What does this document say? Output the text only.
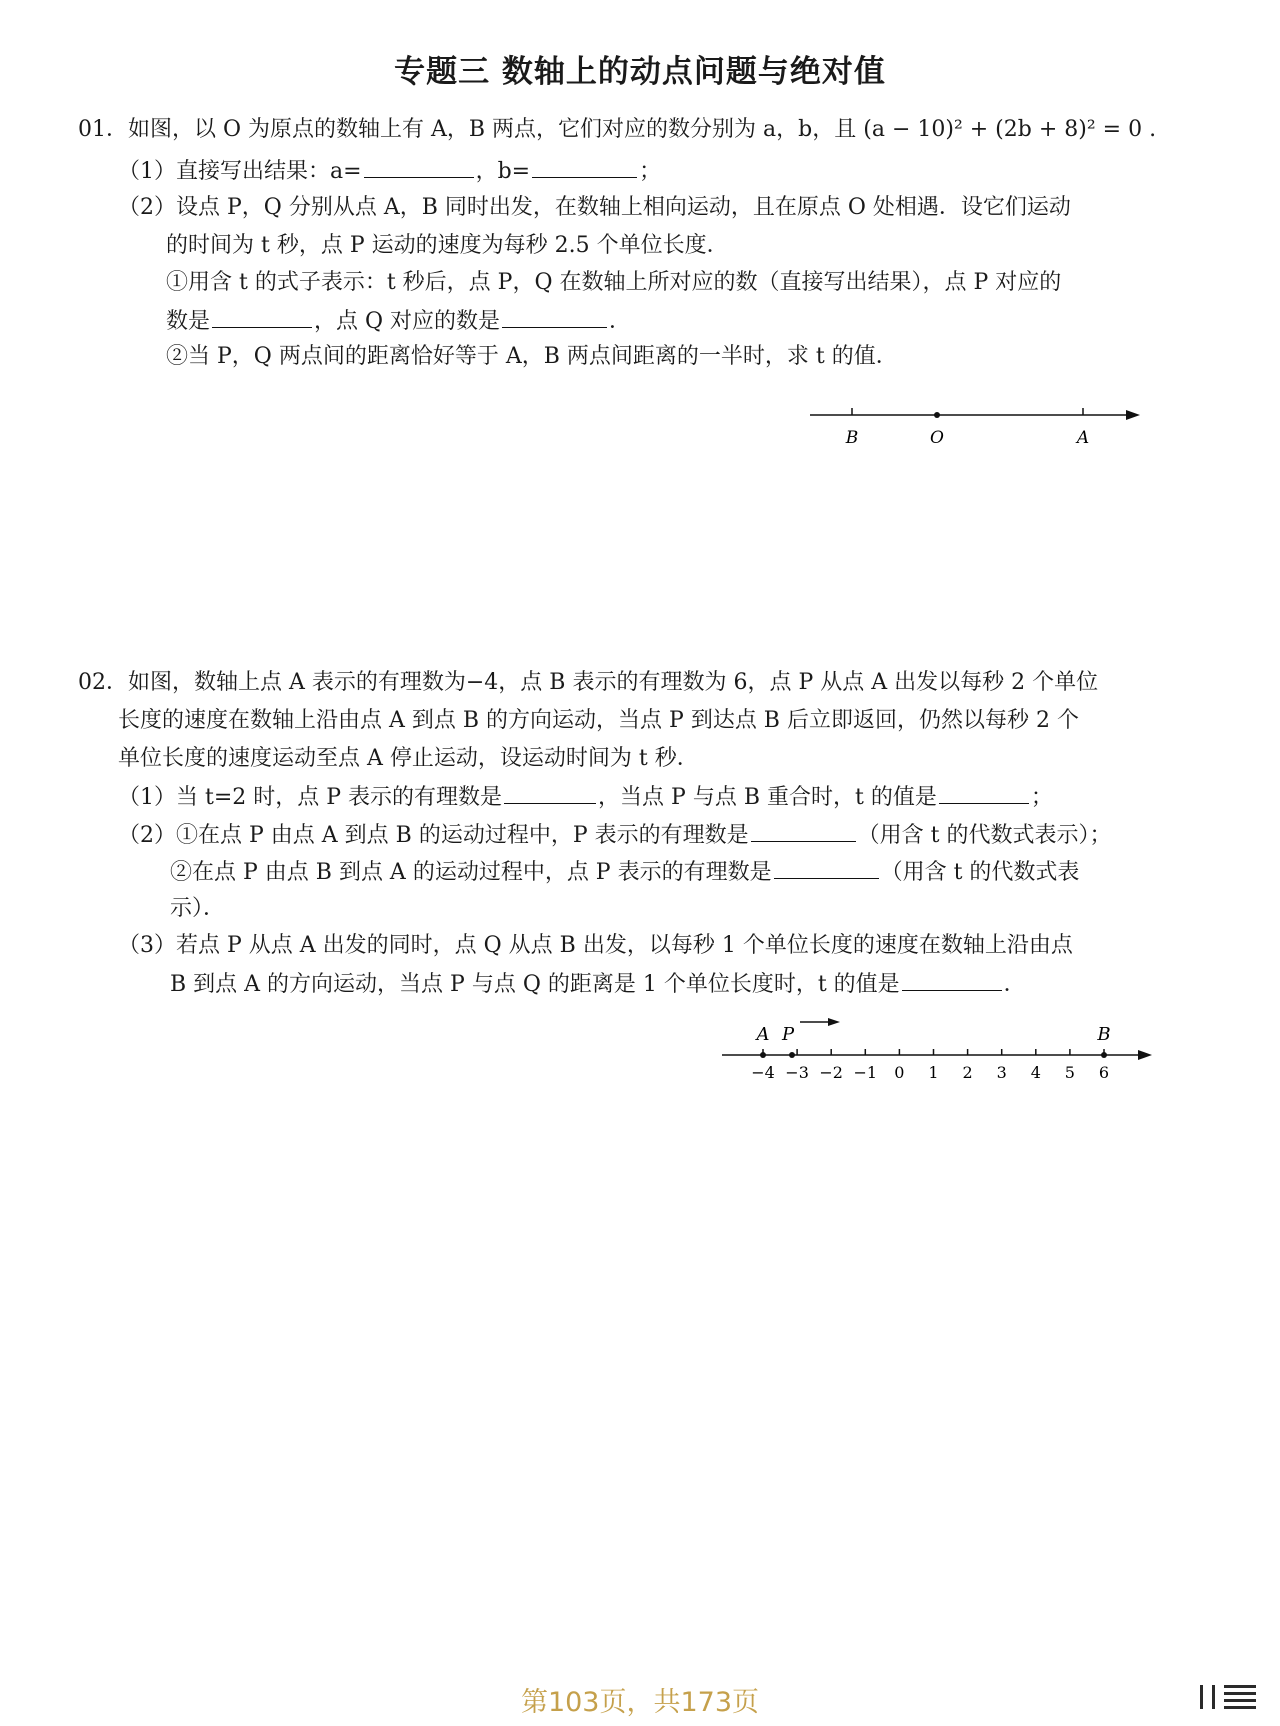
专题三 数轴上的动点问题与绝对值
01．如图，以 O 为原点的数轴上有 A，B 两点，它们对应的数分别为 a，b，且 (a − 10)² + (2b + 8)² = 0 .
（1）直接写出结果：a=	，b=	；
（2）设点 P，Q 分别从点 A，B 同时出发，在数轴上相向运动，且在原点 O 处相遇．设它们运动
的时间为 t 秒，点 P 运动的速度为每秒 2.5 个单位长度．
①用含 t 的式子表示：t 秒后，点 P，Q 在数轴上所对应的数（直接写出结果），点 P 对应的
数是	，点 Q 对应的数是	．
②当 P，Q 两点间的距离恰好等于 A，B 两点间距离的一半时，求 t 的值．
B	O	A
02．如图，数轴上点 A 表示的有理数为−4，点 B 表示的有理数为 6，点 P 从点 A 出发以每秒 2 个单位
长度的速度在数轴上沿由点 A 到点 B 的方向运动，当点 P 到达点 B 后立即返回，仍然以每秒 2 个
单位长度的速度运动至点 A 停止运动，设运动时间为 t 秒．
（1）当 t=2 时，点 P 表示的有理数是	，当点 P 与点 B 重合时，t 的值是	；
（2）①在点 P 由点 A 到点 B 的运动过程中，P 表示的有理数是	（用含 t 的代数式表示）；
②在点 P 由点 B 到点 A 的运动过程中，点 P 表示的有理数是	（用含 t 的代数式表
示）．
（3）若点 P 从点 A 出发的同时，点 Q 从点 B 出发，以每秒 1 个单位长度的速度在数轴上沿由点
B 到点 A 的方向运动，当点 P 与点 Q 的距离是 1 个单位长度时，t 的值是	．
−4 −3 −2 −1 0 1 2 3 4 5 6
A P	B
第103页，共173页
